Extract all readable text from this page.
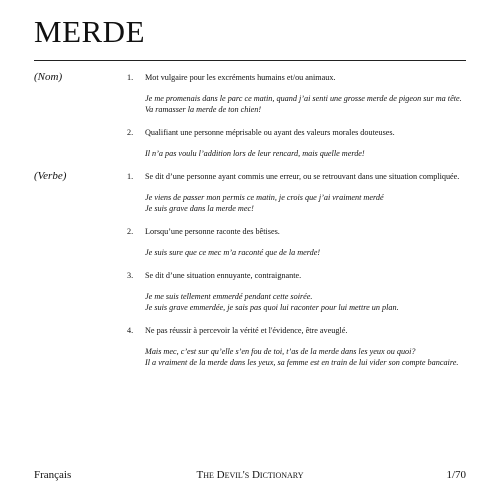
MERDE
(Nom)	1.	Mot vulgaire pour les excréments humains et/ou animaux.
Je me promenais dans le parc ce matin, quand j’ai senti une grosse merde de pigeon sur ma tête.
Va ramasser la merde de ton chien!
2.	Qualifiant une personne méprisable ou ayant des valeurs morales douteuses.
Il n’a pas voulu l’addition lors de leur rencard, mais quelle merde!
(Verbe)	1.	Se dit d’une personne ayant commis une erreur, ou se retrouvant dans une situation compliquée.
Je viens de passer mon permis ce matin, je crois que j’ai vraiment merdé
Je suis grave dans la merde mec!
2.	Lorsqu’une personne raconte des bêtises.
Je suis sure que ce mec m’a raconté que de la merde!
3.	Se dit d’une situation ennuyante, contraignante.
Je me suis tellement emmerdé pendant cette soirée.
Je suis grave emmerdée, je sais pas quoi lui raconter pour lui mettre un plan.
4.	Ne pas réussir à percevoir la vérité et l'évidence, être aveuglé.
Mais mec, c’est sur qu’elle s’en fou de toi, t’as de la merde dans les yeux ou quoi?
Il a vraiment de la merde dans les yeux, sa femme est en train de lui vider son compte bancaire.
Français	The Devil's Dictionary	1/70
